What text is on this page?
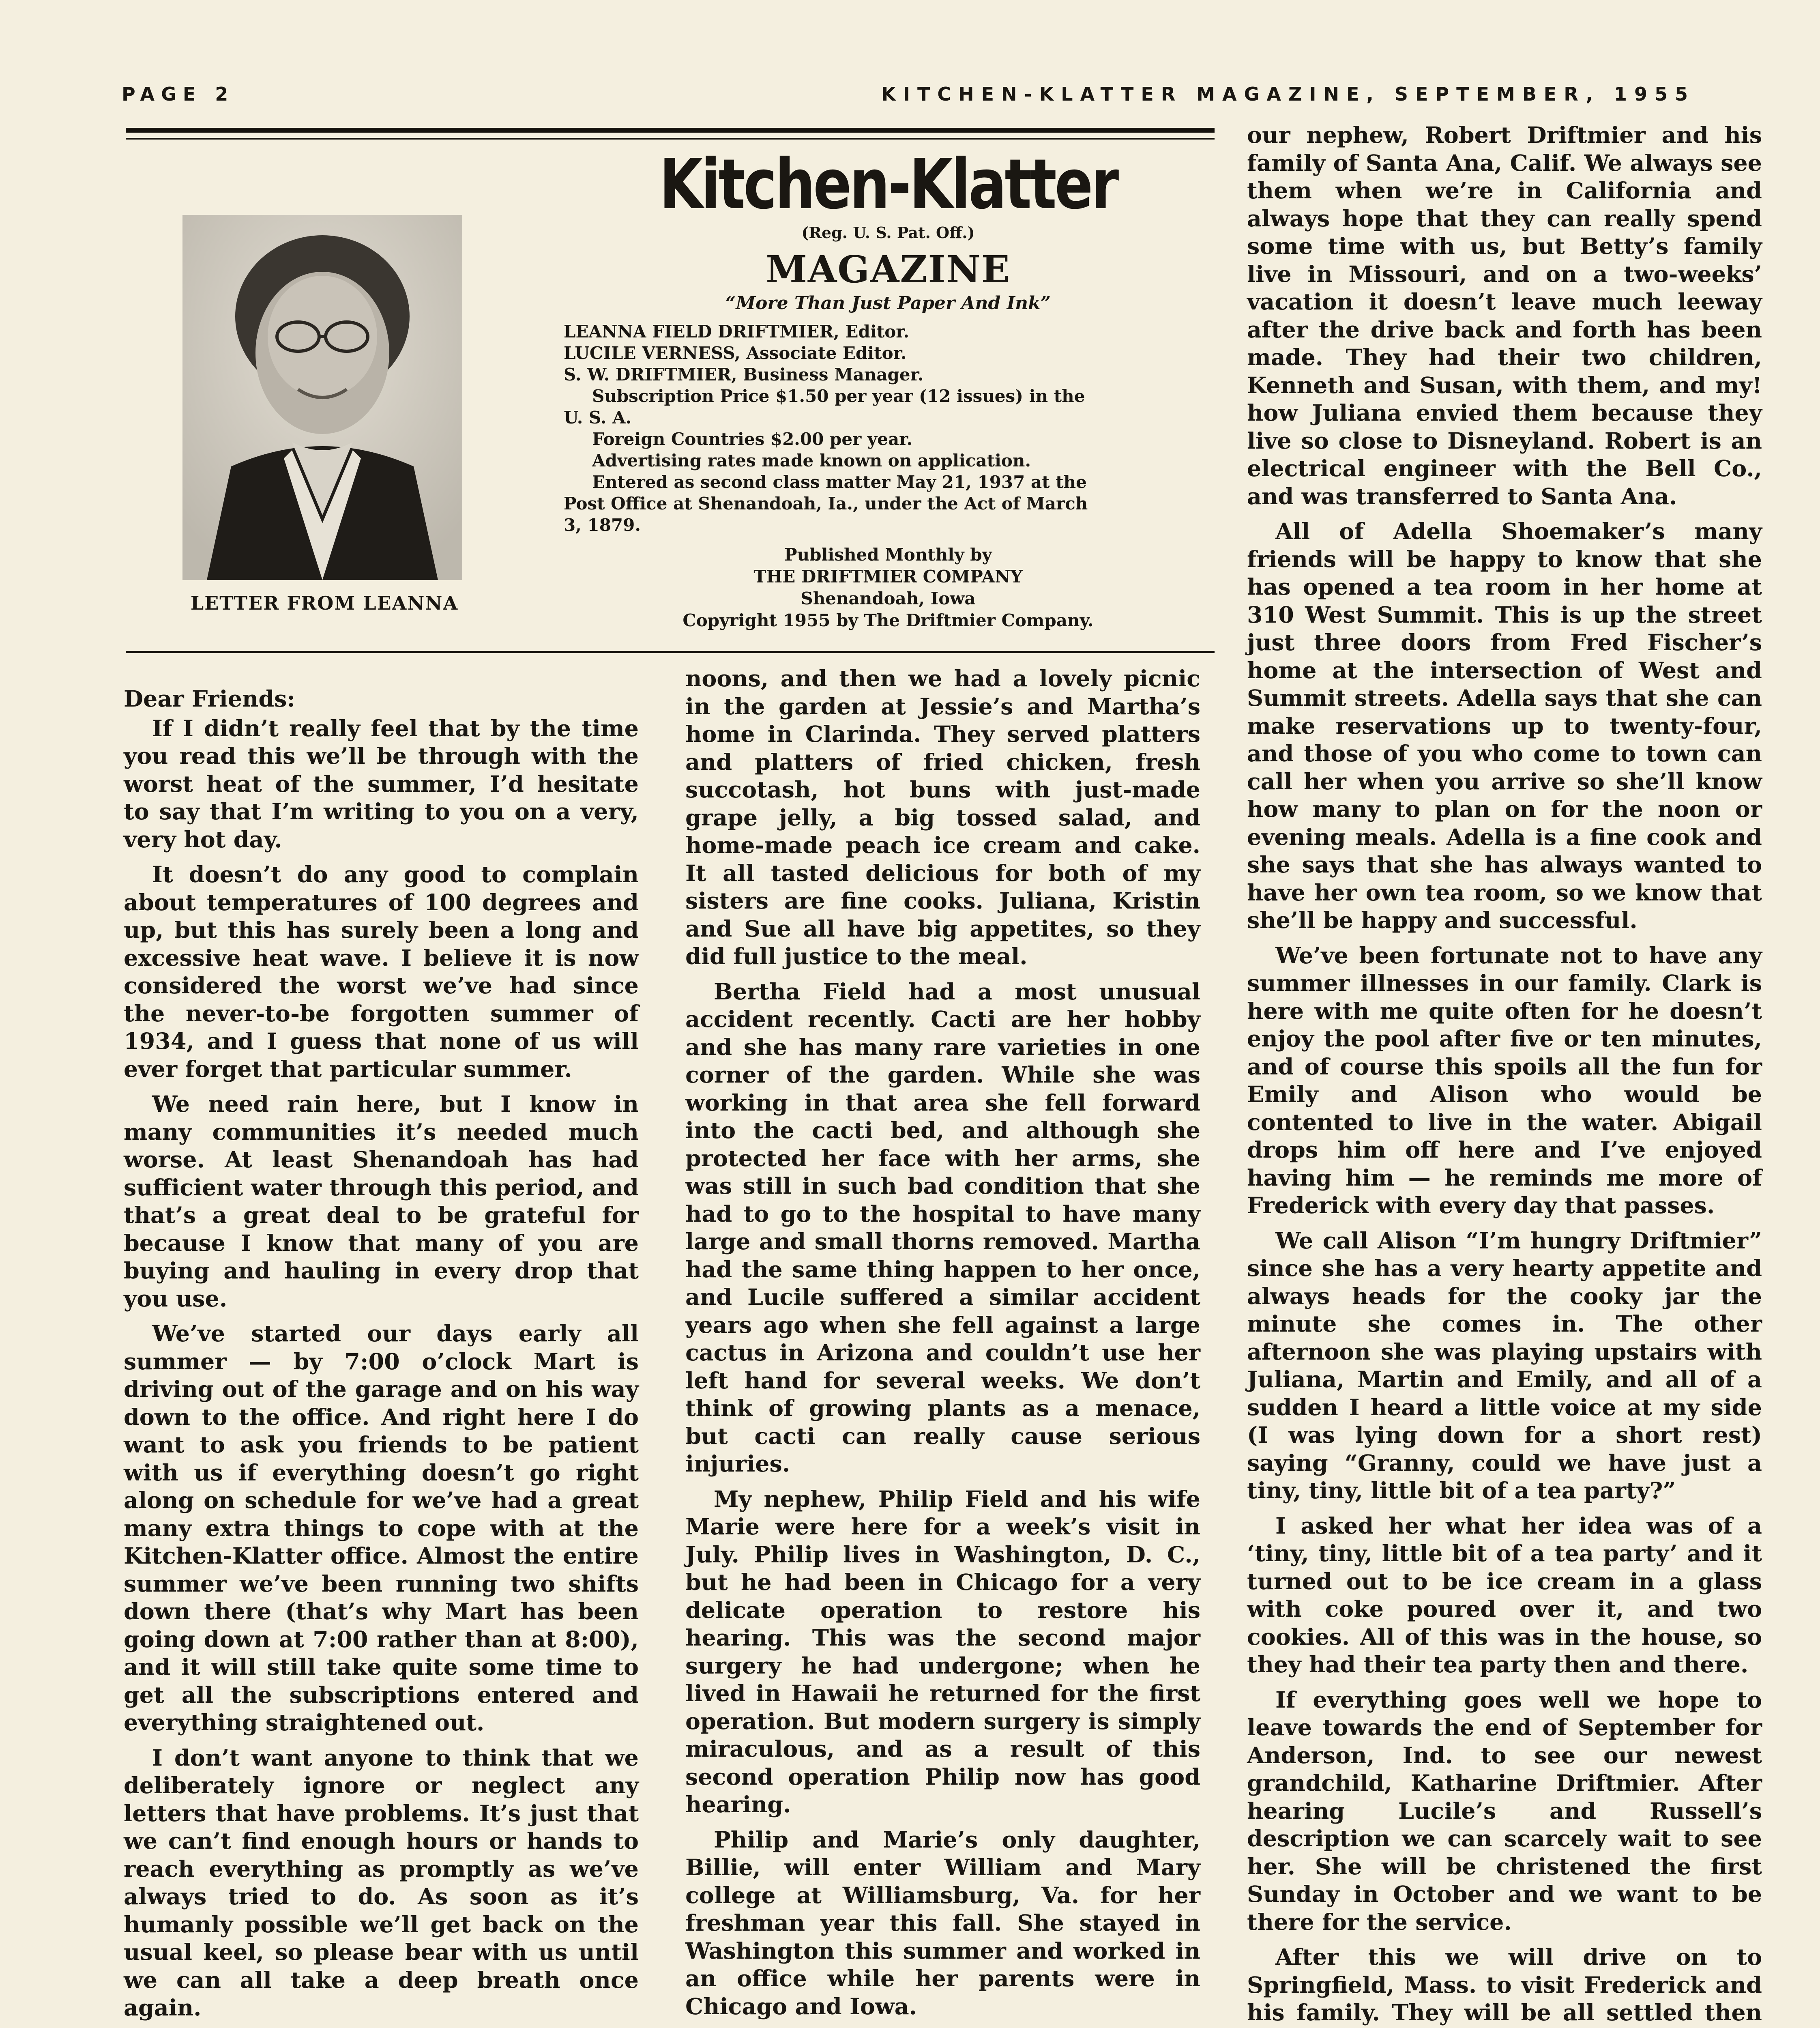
PAGE 2	KITCHEN-KLATTER MAGAZINE, SEPTEMBER, 1955
LETTER FROM LEANNA
Kitchen-Klatter
(Reg. U. S. Pat. Off.)
MAGAZINE
“More Than Just Paper And Ink”
LEANNA FIELD DRIFTMIER, Editor.
LUCILE VERNESS, Associate Editor.
S. W. DRIFTMIER, Business Manager.
Subscription Price $1.50 per year (12 issues) in the
U. S. A.
Foreign Countries $2.00 per year.
Advertising rates made known on application.
Entered as second class matter May 21, 1937 at the
Post Office at Shenandoah, Ia., under the Act of March
3, 1879.
Published Monthly by
THE DRIFTMIER COMPANY
Shenandoah, Iowa
Copyright 1955 by The Driftmier Company.

Dear Friends:

If I didn’t really feel that by the time you read this we’ll be through with the worst heat of the summer, I’d hesitate to say that I’m writing to you on a very, very hot day.

It doesn’t do any good to complain about temperatures of 100 degrees and up, but this has surely been a long and excessive heat wave. I believe it is now considered the worst we’ve had since the never-to-be forgotten summer of 1934, and I guess that none of us will ever forget that particular summer.

We need rain here, but I know in many communities it’s needed much worse. At least Shenandoah has had sufficient water through this period, and that’s a great deal to be grateful for because I know that many of you are buying and hauling in every drop that you use.

We’ve started our days early all summer — by 7:00 o’clock Mart is driving out of the garage and on his way down to the office. And right here I do want to ask you friends to be patient with us if everything doesn’t go right along on schedule for we’ve had a great many extra things to cope with at the Kitchen-Klatter office. Almost the entire summer we’ve been running two shifts down there (that’s why Mart has been going down at 7:00 rather than at 8:00), and it will still take quite some time to get all the subscriptions entered and everything straightened out.

I don’t want anyone to think that we deliberately ignore or neglect any letters that have problems. It’s just that we can’t find enough hours or hands to reach everything as promptly as we’ve always tried to do. As soon as it’s humanly possible we’ll get back on the usual keel, so please bear with us until we can all take a deep breath once again.

noons, and then we had a lovely picnic in the garden at Jessie’s and Martha’s home in Clarinda. They served platters and platters of fried chicken, fresh succotash, hot buns with just-made grape jelly, a big tossed salad, and home-made peach ice cream and cake. It all tasted delicious for both of my sisters are fine cooks. Juliana, Kristin and Sue all have big appetites, so they did full justice to the meal.

Bertha Field had a most unusual accident recently. Cacti are her hobby and she has many rare varieties in one corner of the garden. While she was working in that area she fell forward into the cacti bed, and although she protected her face with her arms, she was still in such bad condition that she had to go to the hospital to have many large and small thorns removed. Martha had the same thing happen to her once, and Lucile suffered a similar accident years ago when she fell against a large cactus in Arizona and couldn’t use her left hand for several weeks. We don’t think of growing plants as a menace, but cacti can really cause serious injuries.

My nephew, Philip Field and his wife Marie were here for a week’s visit in July. Philip lives in Washington, D. C., but he had been in Chicago for a very delicate operation to restore his hearing. This was the second major surgery he had undergone; when he lived in Hawaii he returned for the first operation. But modern surgery is simply miraculous, and as a result of this second operation Philip now has good hearing.

Philip and Marie’s only daughter, Billie, will enter William and Mary college at Williamsburg, Va. for her freshman year this fall. She stayed in Washington this summer and worked in an office while her parents were in Chicago and Iowa.

our nephew, Robert Driftmier and his family of Santa Ana, Calif. We always see them when we’re in California and always hope that they can really spend some time with us, but Betty’s family live in Missouri, and on a two-weeks’ vacation it doesn’t leave much leeway after the drive back and forth has been made. They had their two children, Kenneth and Susan, with them, and my! how Juliana envied them because they live so close to Disneyland. Robert is an electrical engineer with the Bell Co., and was transferred to Santa Ana.

All of Adella Shoemaker’s many friends will be happy to know that she has opened a tea room in her home at 310 West Summit. This is up the street just three doors from Fred Fischer’s home at the intersection of West and Summit streets. Adella says that she can make reservations up to twenty-four, and those of you who come to town can call her when you arrive so she’ll know how many to plan on for the noon or evening meals. Adella is a fine cook and she says that she has always wanted to have her own tea room, so we know that she’ll be happy and successful.

We’ve been fortunate not to have any summer illnesses in our family. Clark is here with me quite often for he doesn’t enjoy the pool after five or ten minutes, and of course this spoils all the fun for Emily and Alison who would be contented to live in the water. Abigail drops him off here and I’ve enjoyed having him — he reminds me more of Frederick with every day that passes.

We call Alison “I’m hungry Driftmier” since she has a very hearty appetite and always heads for the cooky jar the minute she comes in. The other afternoon she was playing upstairs with Juliana, Martin and Emily, and all of a sudden I heard a little voice at my side (I was lying down for a short rest) saying “Granny, could we have just a tiny, tiny, little bit of a tea party?”

I asked her what her idea was of a ‘tiny, tiny, little bit of a tea party’ and it turned out to be ice cream in a glass with coke poured over it, and two cookies. All of this was in the house, so they had their tea party then and there.

If everything goes well we hope to leave towards the end of September for Anderson, Ind. to see our newest grandchild, Katharine Driftmier. After hearing Lucile’s and Russell’s description we can scarcely wait to see her. She will be christened the first Sunday in October and we want to be there for the service.

After this we will drive on to Springfield, Mass. to visit Frederick and his family. They will be all settled then
